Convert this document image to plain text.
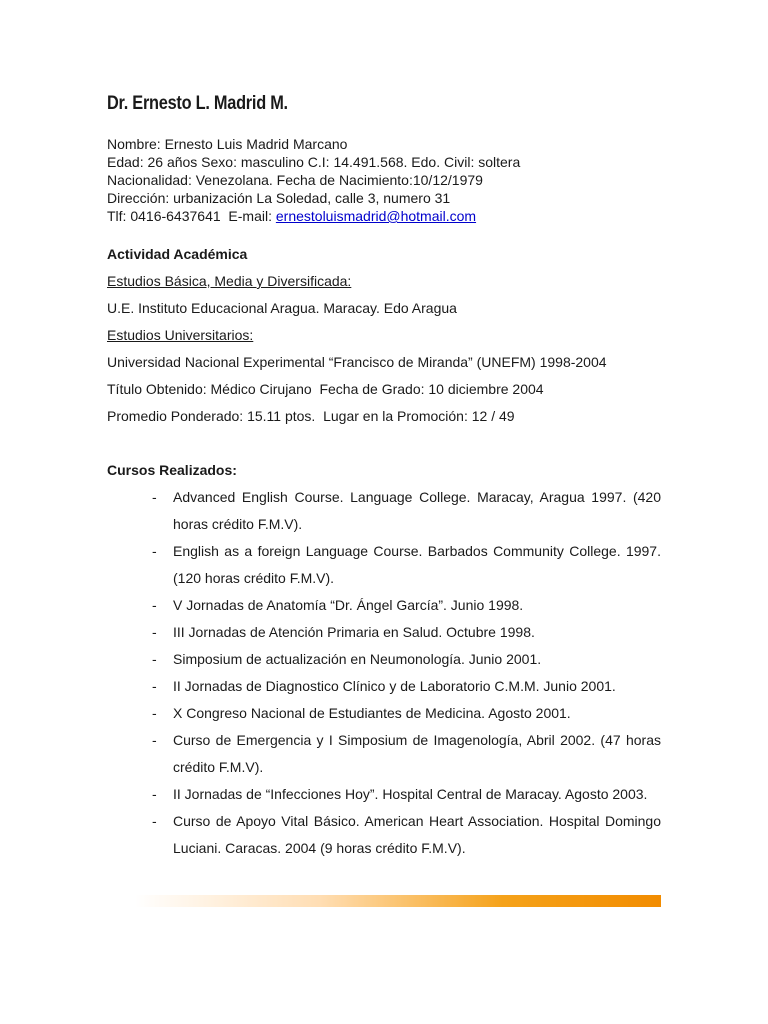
Dr. Ernesto L. Madrid M.
Nombre: Ernesto Luis Madrid Marcano
Edad: 26 años Sexo: masculino C.I: 14.491.568. Edo. Civil: soltera
Nacionalidad: Venezolana. Fecha de Nacimiento:10/12/1979
Dirección: urbanización La Soledad, calle 3, numero 31
Tlf: 0416-6437641  E-mail: ernestoluismadrid@hotmail.com
Actividad Académica
Estudios Básica, Media y Diversificada:
U.E. Instituto Educacional Aragua. Maracay. Edo Aragua
Estudios Universitarios:
Universidad Nacional Experimental “Francisco de Miranda” (UNEFM) 1998-2004
Título Obtenido: Médico Cirujano  Fecha de Grado: 10 diciembre 2004
Promedio Ponderado: 15.11 ptos.  Lugar en la Promoción: 12 / 49
Cursos Realizados:
- Advanced English Course. Language College. Maracay, Aragua 1997. (420 horas crédito F.M.V).
- English as a foreign Language Course. Barbados Community College. 1997. (120 horas crédito F.M.V).
- V Jornadas de Anatomía “Dr. Ángel García”. Junio 1998.
- III Jornadas de Atención Primaria en Salud. Octubre 1998.
- Simposium de actualización en Neumonología. Junio 2001.
- II Jornadas de Diagnostico Clínico y de Laboratorio C.M.M. Junio 2001.
- X Congreso Nacional de Estudiantes de Medicina. Agosto 2001.
- Curso de Emergencia y I Simposium de Imagenología, Abril 2002. (47 horas crédito F.M.V).
- II Jornadas de “Infecciones Hoy”. Hospital Central de Maracay. Agosto 2003.
- Curso de Apoyo Vital Básico. American Heart Association. Hospital Domingo Luciani. Caracas. 2004 (9 horas crédito F.M.V).
